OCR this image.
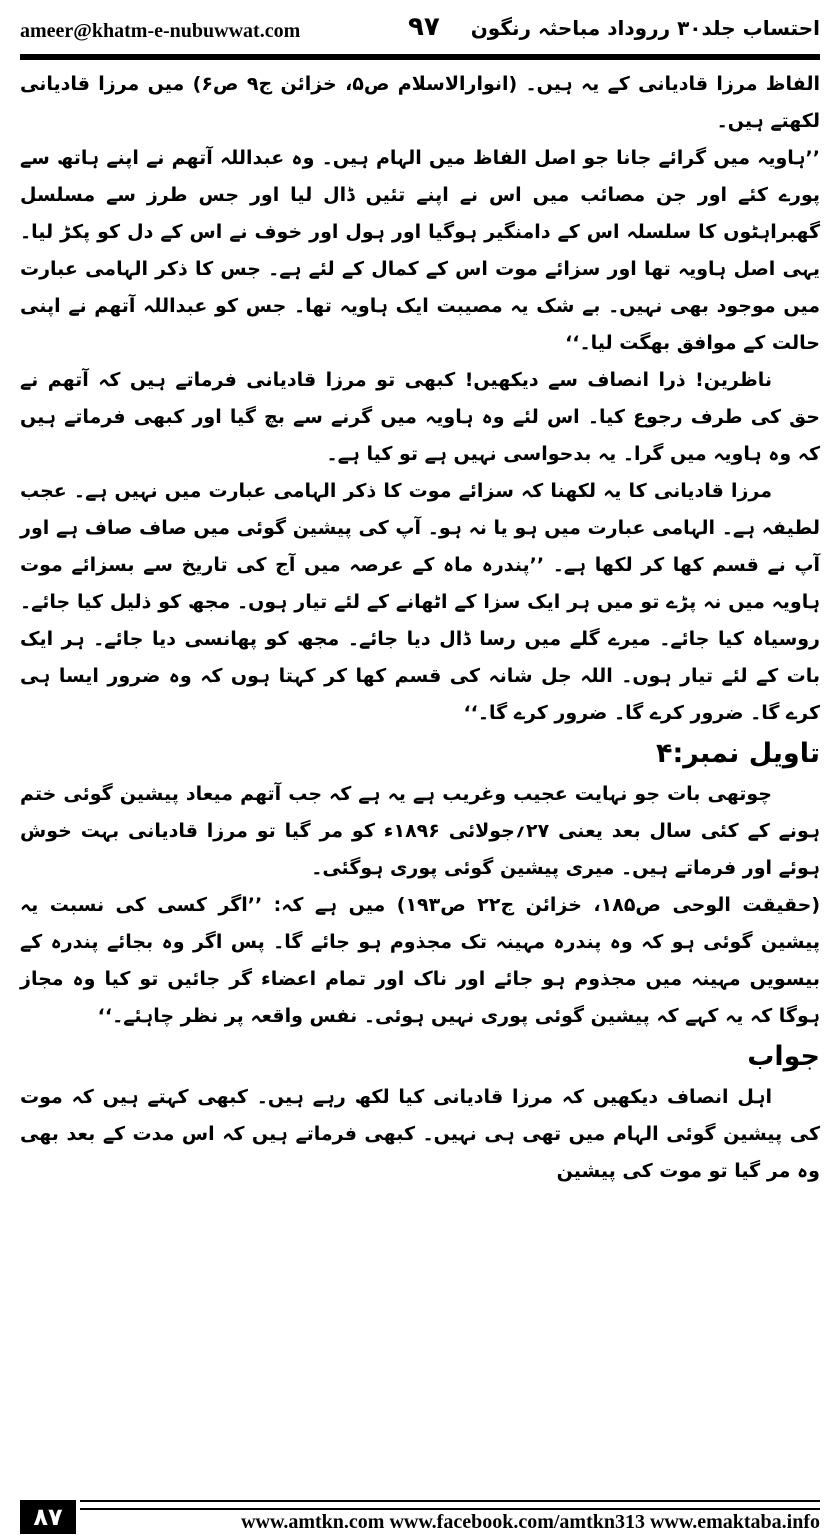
ameer@khatm-e-nubuwwat.com	۹۷ احتساب جلد۳۰ رروداد مباحثہ رنگون

الفاظ مرزا قادیانی کے یہ ہیں۔ (انوارالاسلام ص۵، خزائن ج۹ ص۶) میں مرزا قادیانی لکھتے ہیں۔

’’ہاویہ میں گرائے جانا جو اصل الفاظ میں الہام ہیں۔ وہ عبداللہ آتھم نے اپنے ہاتھ سے پورے کئے اور جن مصائب میں اس نے اپنے تئیں ڈال لیا اور جس طرز سے مسلسل گھبراہٹوں کا سلسلہ اس کے دامنگیر ہوگیا اور ہول اور خوف نے اس کے دل کو پکڑ لیا۔ یہی اصل ہاویہ تھا اور سزائے موت اس کے کمال کے لئے ہے۔ جس کا ذکر الہامی عبارت میں موجود بھی نہیں۔ بے شک یہ مصیبت ایک ہاویہ تھا۔ جس کو عبداللہ آتھم نے اپنی حالت کے موافق بھگت لیا۔‘‘

ناظرین! ذرا انصاف سے دیکھیں! کبھی تو مرزا قادیانی فرماتے ہیں کہ آتھم نے حق کی طرف رجوع کیا۔ اس لئے وہ ہاویہ میں گرنے سے بچ گیا اور کبھی فرماتے ہیں کہ وہ ہاویہ میں گرا۔ یہ بدحواسی نہیں ہے تو کیا ہے۔

مرزا قادیانی کا یہ لکھنا کہ سزائے موت کا ذکر الہامی عبارت میں نہیں ہے۔ عجب لطیفہ ہے۔ الہامی عبارت میں ہو یا نہ ہو۔ آپ کی پیشین گوئی میں صاف صاف ہے اور آپ نے قسم کھا کر لکھا ہے۔ ’’پندرہ ماہ کے عرصہ میں آج کی تاریخ سے بسزائے موت ہاویہ میں نہ پڑے تو میں ہر ایک سزا کے اٹھانے کے لئے تیار ہوں۔ مجھ کو ذلیل کیا جائے۔ روسیاہ کیا جائے۔ میرے گلے میں رسا ڈال دیا جائے۔ مجھ کو پھانسی دیا جائے۔ ہر ایک بات کے لئے تیار ہوں۔ اللہ جل شانہ کی قسم کھا کر کہتا ہوں کہ وہ ضرور ایسا ہی کرے گا۔ ضرور کرے گا۔ ضرور کرے گا۔‘‘

تاویل نمبر:۴

چوتھی بات جو نہایت عجیب وغریب ہے یہ ہے کہ جب آتھم میعاد پیشین گوئی ختم ہونے کے کئی سال بعد یعنی ۲۷؍جولائی ۱۸۹۶ء کو مر گیا تو مرزا قادیانی بہت خوش ہوئے اور فرماتے ہیں۔ میری پیشین گوئی پوری ہوگئی۔

(حقیقت الوحی ص۱۸۵، خزائن ج۲۲ ص۱۹۳) میں ہے کہ: ’’اگر کسی کی نسبت یہ پیشین گوئی ہو کہ وہ پندرہ مہینہ تک مجذوم ہو جائے گا۔ پس اگر وہ بجائے پندرہ کے بیسویں مہینہ میں مجذوم ہو جائے اور ناک اور تمام اعضاء گر جائیں تو کیا وہ مجاز ہوگا کہ یہ کہے کہ پیشین گوئی پوری نہیں ہوئی۔ نفس واقعہ پر نظر چاہئے۔‘‘

جواب

اہل انصاف دیکھیں کہ مرزا قادیانی کیا لکھ رہے ہیں۔ کبھی کہتے ہیں کہ موت کی پیشین گوئی الہام میں تھی ہی نہیں۔ کبھی فرماتے ہیں کہ اس مدت کے بعد بھی وہ مر گیا تو موت کی پیشین

۸۷	www.amtkn.com www.facebook.com/amtkn313 www.emaktaba.info
